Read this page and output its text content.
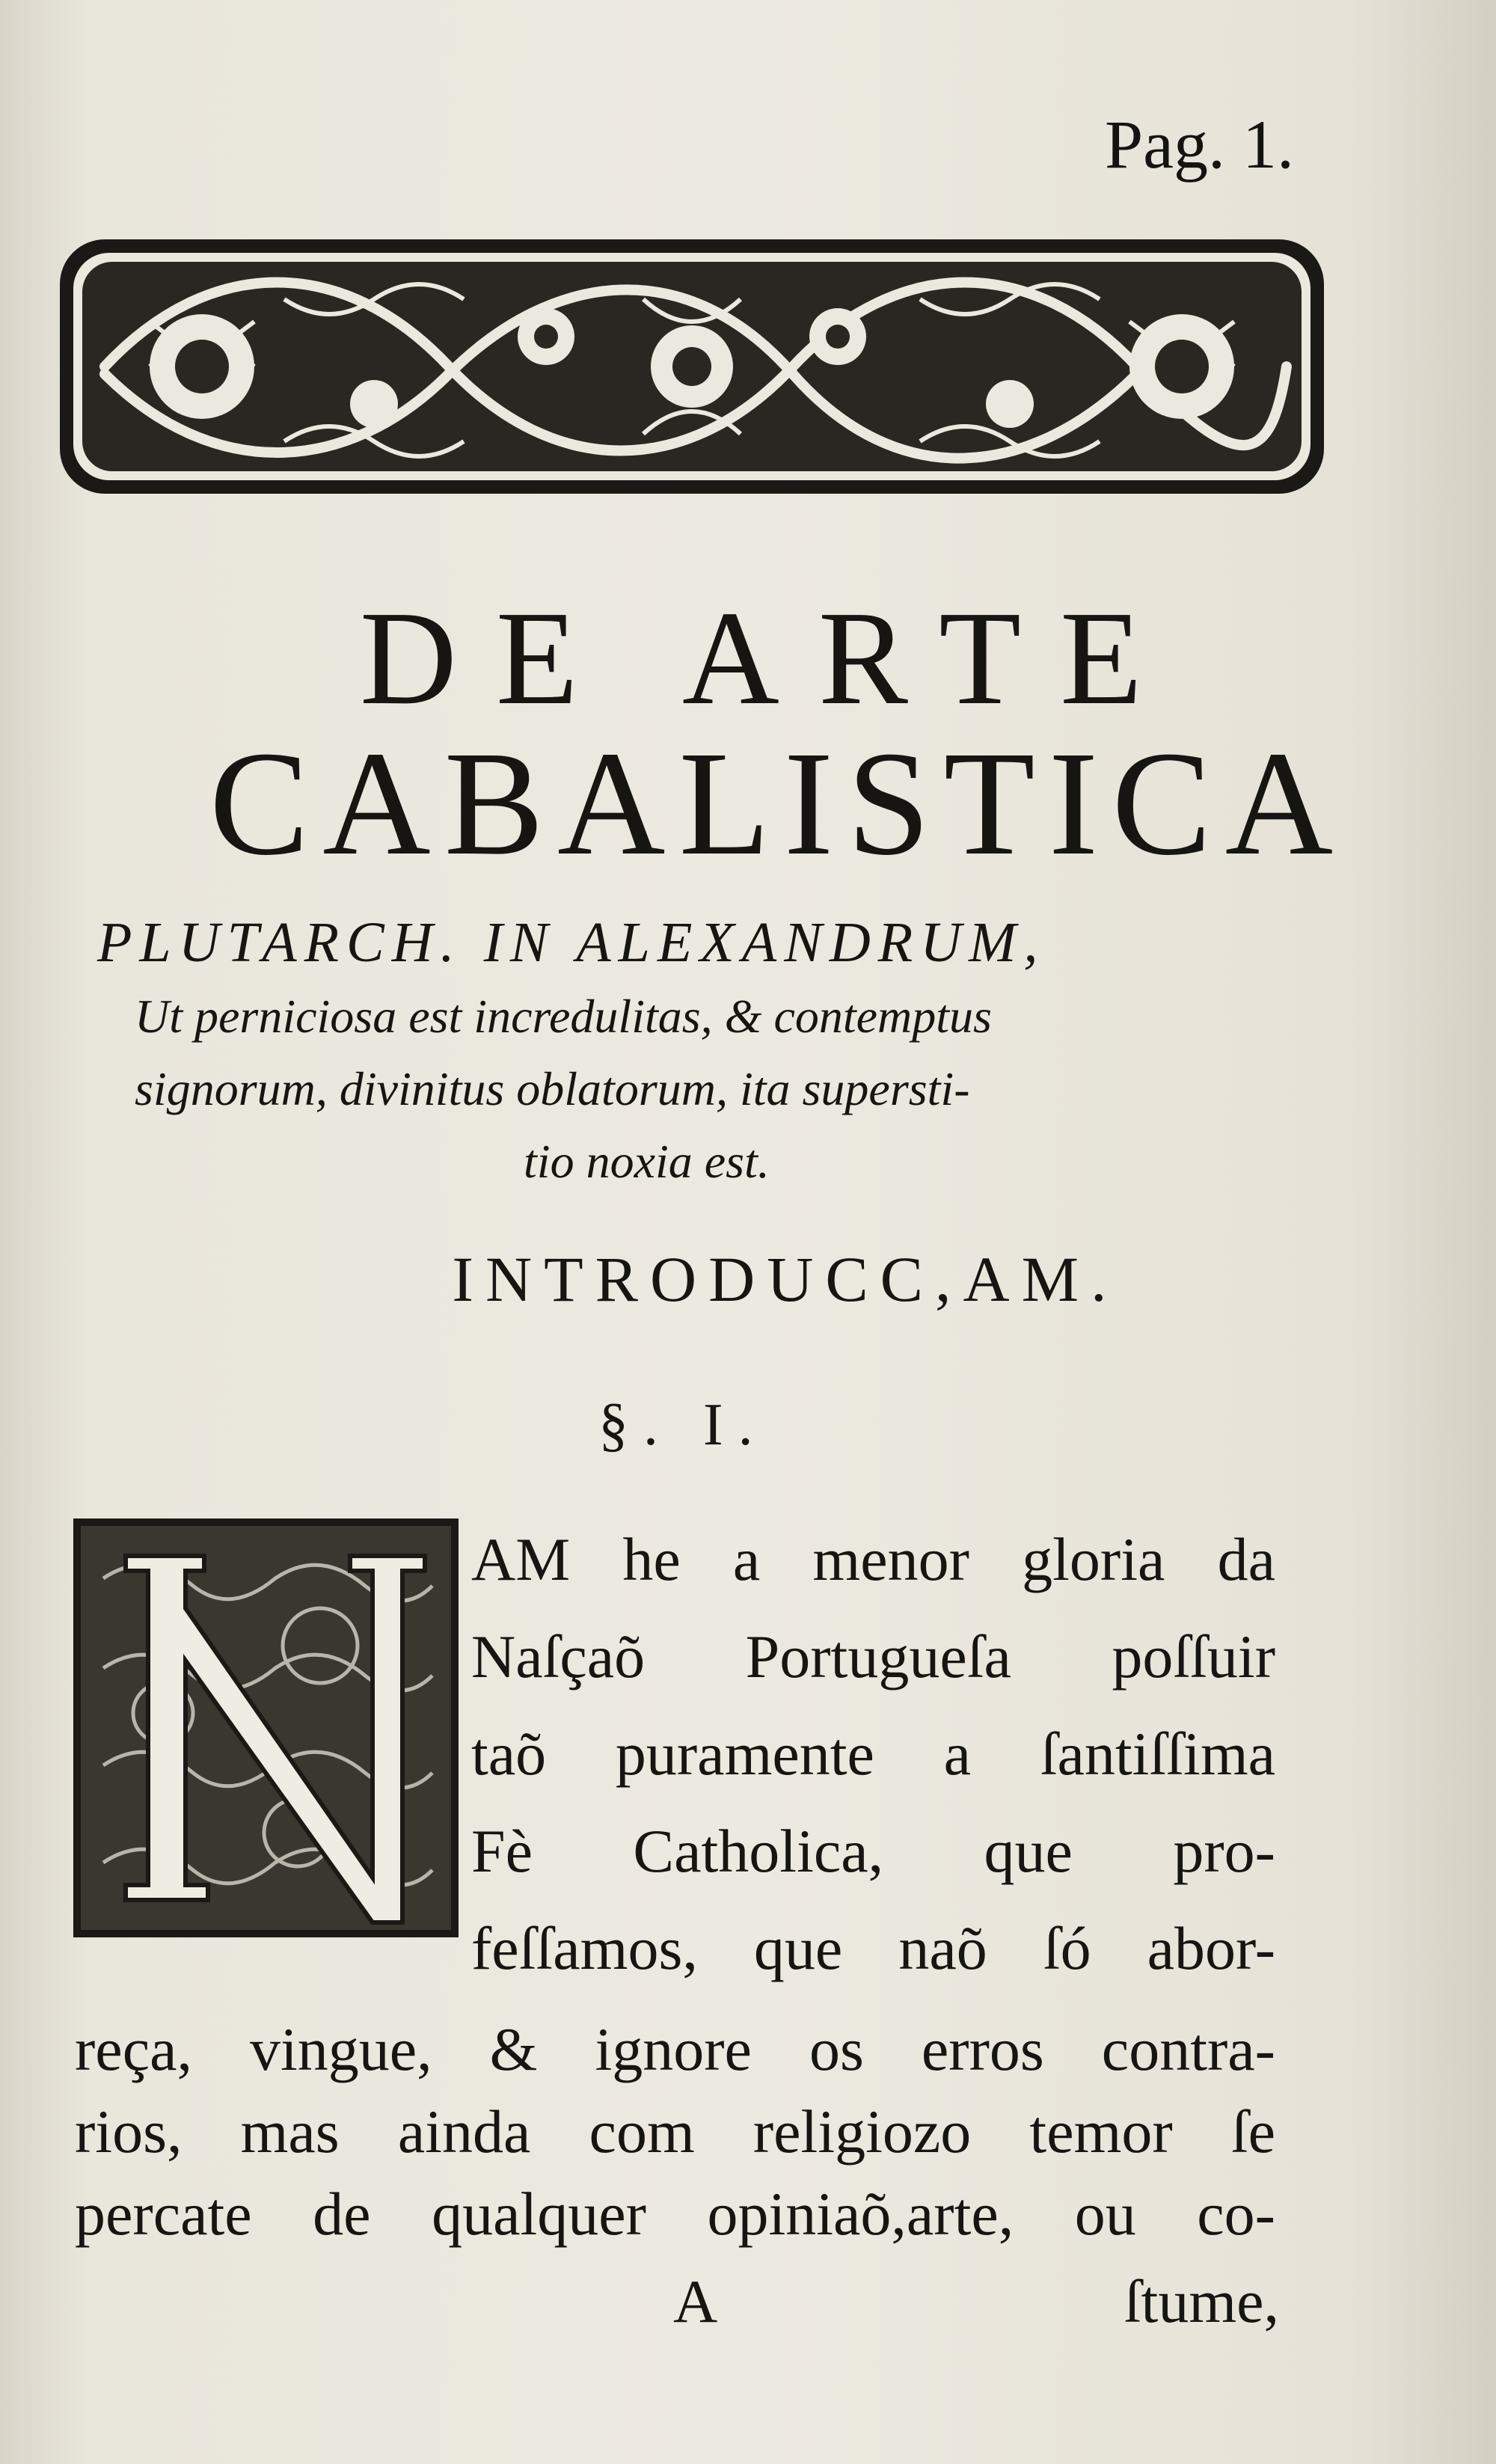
Pag. 1.
DE ARTE
CABALISTICA
PLUTARCH. IN ALEXANDRUM,
Ut perniciosa est incredulitas, & contemptus
signorum, divinitus oblatorum, ita supersti-
tio noxia est.
INTRODUCC,AM.
§. I.
N
AM he a menor gloria da
Naſçaõ Portugueſa poſſuir
taõ puramente a ſantiſſima
Fè Catholica, que pro-
feſſamos, que naõ ſó abor-
reça, vingue, & ignore os erros contra-
rios, mas ainda com religiozo temor ſe
percate de qualquer opiniaõ,arte, ou co-
A	ſtume,
